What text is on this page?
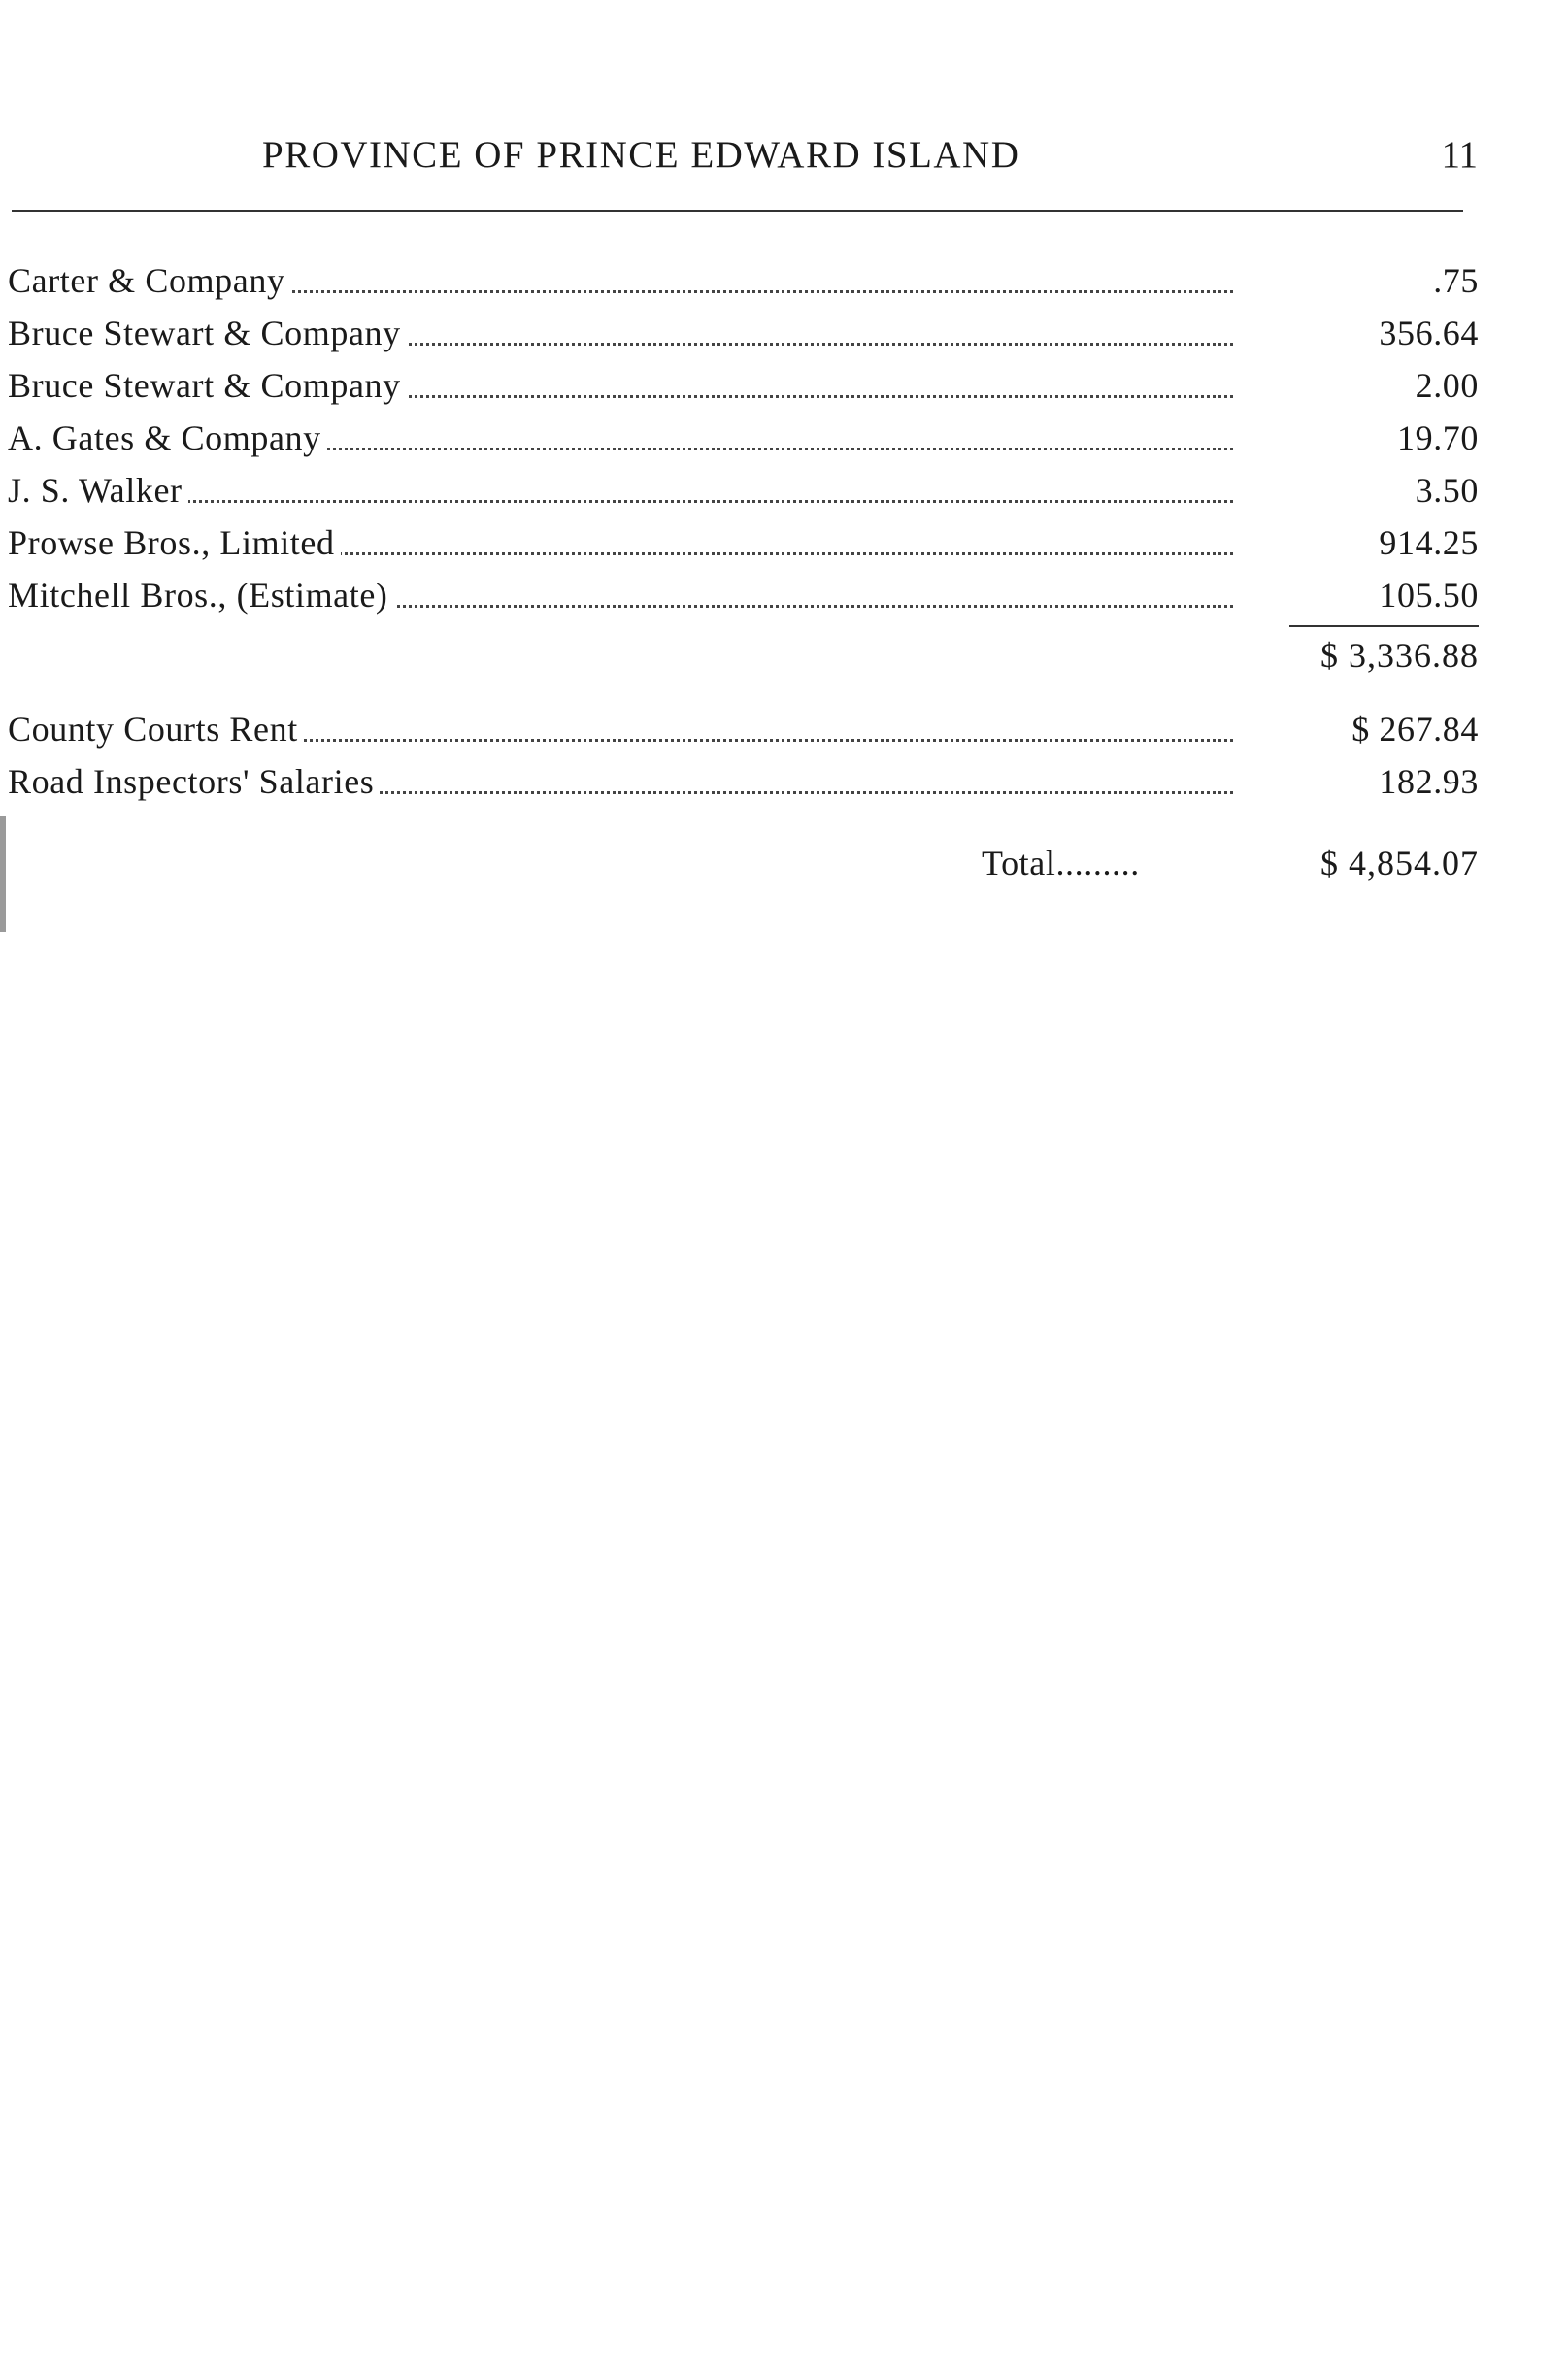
PROVINCE OF PRINCE EDWARD ISLAND	11
Carter & Company	.75
Bruce Stewart & Company	356.64
Bruce Stewart & Company	2.00
A. Gates & Company	19.70
J. S. Walker	3.50
Prowse Bros., Limited	914.25
Mitchell Bros., (Estimate)	105.50
$ 3,336.88
County Courts Rent	$ 267.84
Road Inspectors' Salaries	182.93
Total.........	$ 4,854.07
